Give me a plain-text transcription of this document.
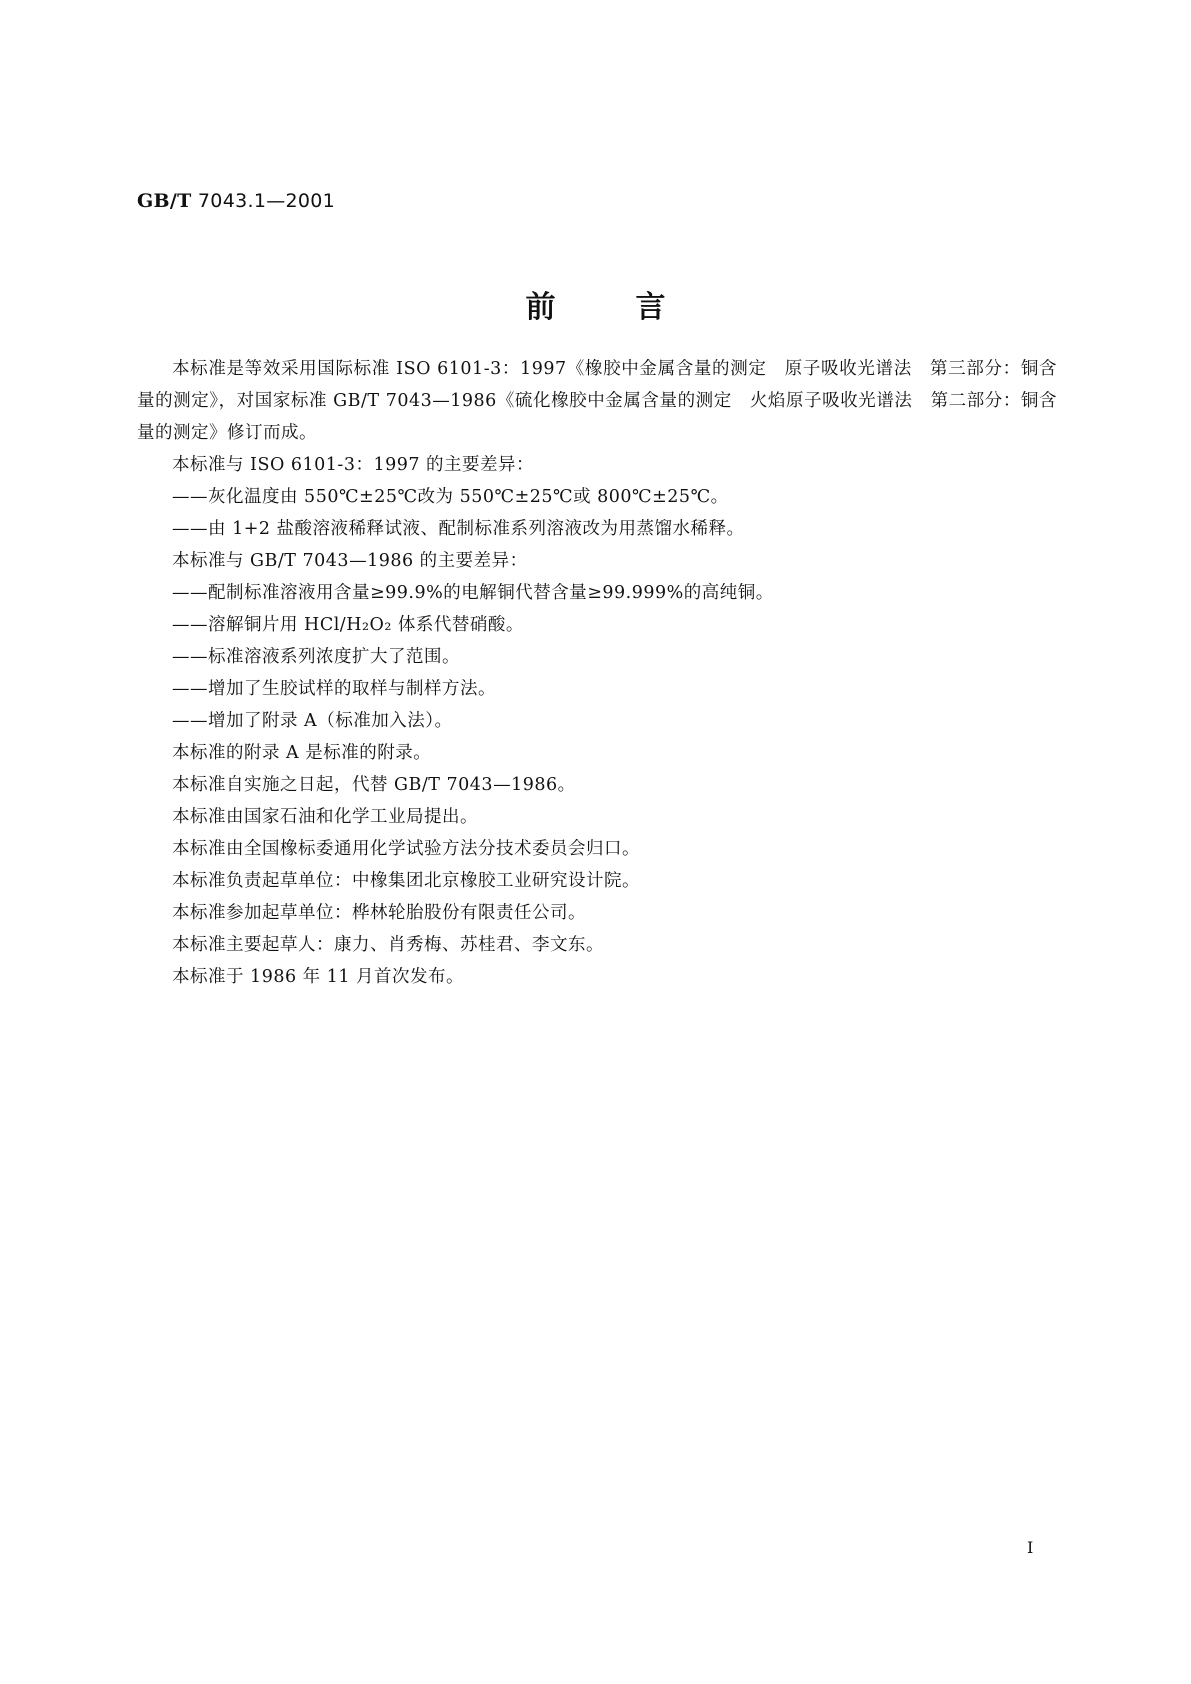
GB/T 7043.1—2001
前言

本标准是等效采用国际标准 ISO 6101-3：1997《橡胶中金属含量的测定　原子吸收光谱法　第三部分：铜含量的测定》，对国家标准 GB/T 7043—1986《硫化橡胶中金属含量的测定　火焰原子吸收光谱法　第二部分：铜含量的测定》修订而成。

本标准与 ISO 6101-3：1997 的主要差异：

——灰化温度由 550℃±25℃改为 550℃±25℃或 800℃±25℃。

——由 1+2 盐酸溶液稀释试液、配制标准系列溶液改为用蒸馏水稀释。

本标准与 GB/T 7043—1986 的主要差异：

——配制标准溶液用含量≥99.9%的电解铜代替含量≥99.999%的高纯铜。

——溶解铜片用 HCl/H₂O₂ 体系代替硝酸。

——标准溶液系列浓度扩大了范围。

——增加了生胶试样的取样与制样方法。

——增加了附录 A（标准加入法）。

本标准的附录 A 是标准的附录。

本标准自实施之日起，代替 GB/T 7043—1986。

本标准由国家石油和化学工业局提出。

本标准由全国橡标委通用化学试验方法分技术委员会归口。

本标准负责起草单位：中橡集团北京橡胶工业研究设计院。

本标准参加起草单位：桦林轮胎股份有限责任公司。

本标准主要起草人：康力、肖秀梅、苏桂君、李文东。

本标准于 1986 年 11 月首次发布。

I
